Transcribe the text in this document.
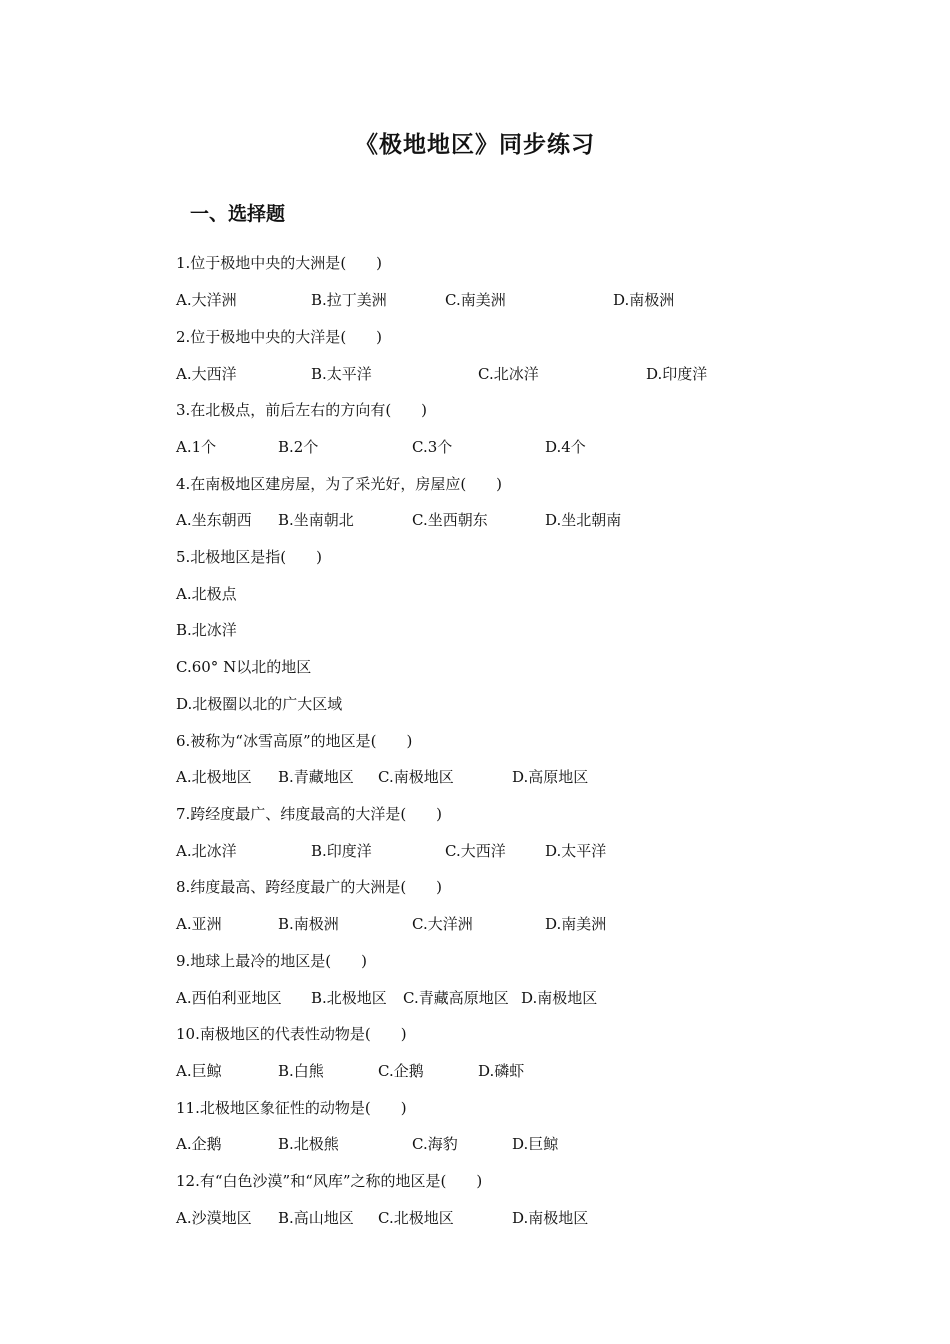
《极地地区》同步练习
一、选择题
1.位于极地中央的大洲是(　　)
A.大洋洲	B.拉丁美洲	C.南美洲	D.南极洲
2.位于极地中央的大洋是(　　)
A.大西洋	B.太平洋	C.北冰洋	D.印度洋
3.在北极点，前后左右的方向有(　　)
A.1个	B.2个	C.3个	D.4个
4.在南极地区建房屋，为了采光好，房屋应(　　)
A.坐东朝西 B.坐南朝北	C.坐西朝东	D.坐北朝南
5.北极地区是指(　　)
A.北极点
B.北冰洋
C.60° N以北的地区
D.北极圈以北的广大区域
6.被称为“冰雪高原”的地区是(　　)
A.北极地区 B.青藏地区 C.南极地区	D.高原地区
7.跨经度最广、纬度最高的大洋是(　　)
A.北冰洋	B.印度洋	C.大西洋	D.太平洋
8.纬度最高、跨经度最广的大洲是(　　)
A.亚洲	B.南极洲	C.大洋洲	D.南美洲
9.地球上最冷的地区是(　　)
A.西伯利亚地区 B.北极地区 C.青藏高原地区 D.南极地区
10.南极地区的代表性动物是(　　)
A.巨鲸	B.白熊	C.企鹅	D.磷虾
11.北极地区象征性的动物是(　　)
A.企鹅	B.北极熊	C.海豹	D.巨鲸
12.有“白色沙漠”和“风库”之称的地区是(　　)
A.沙漠地区 B.高山地区 C.北极地区	D.南极地区
